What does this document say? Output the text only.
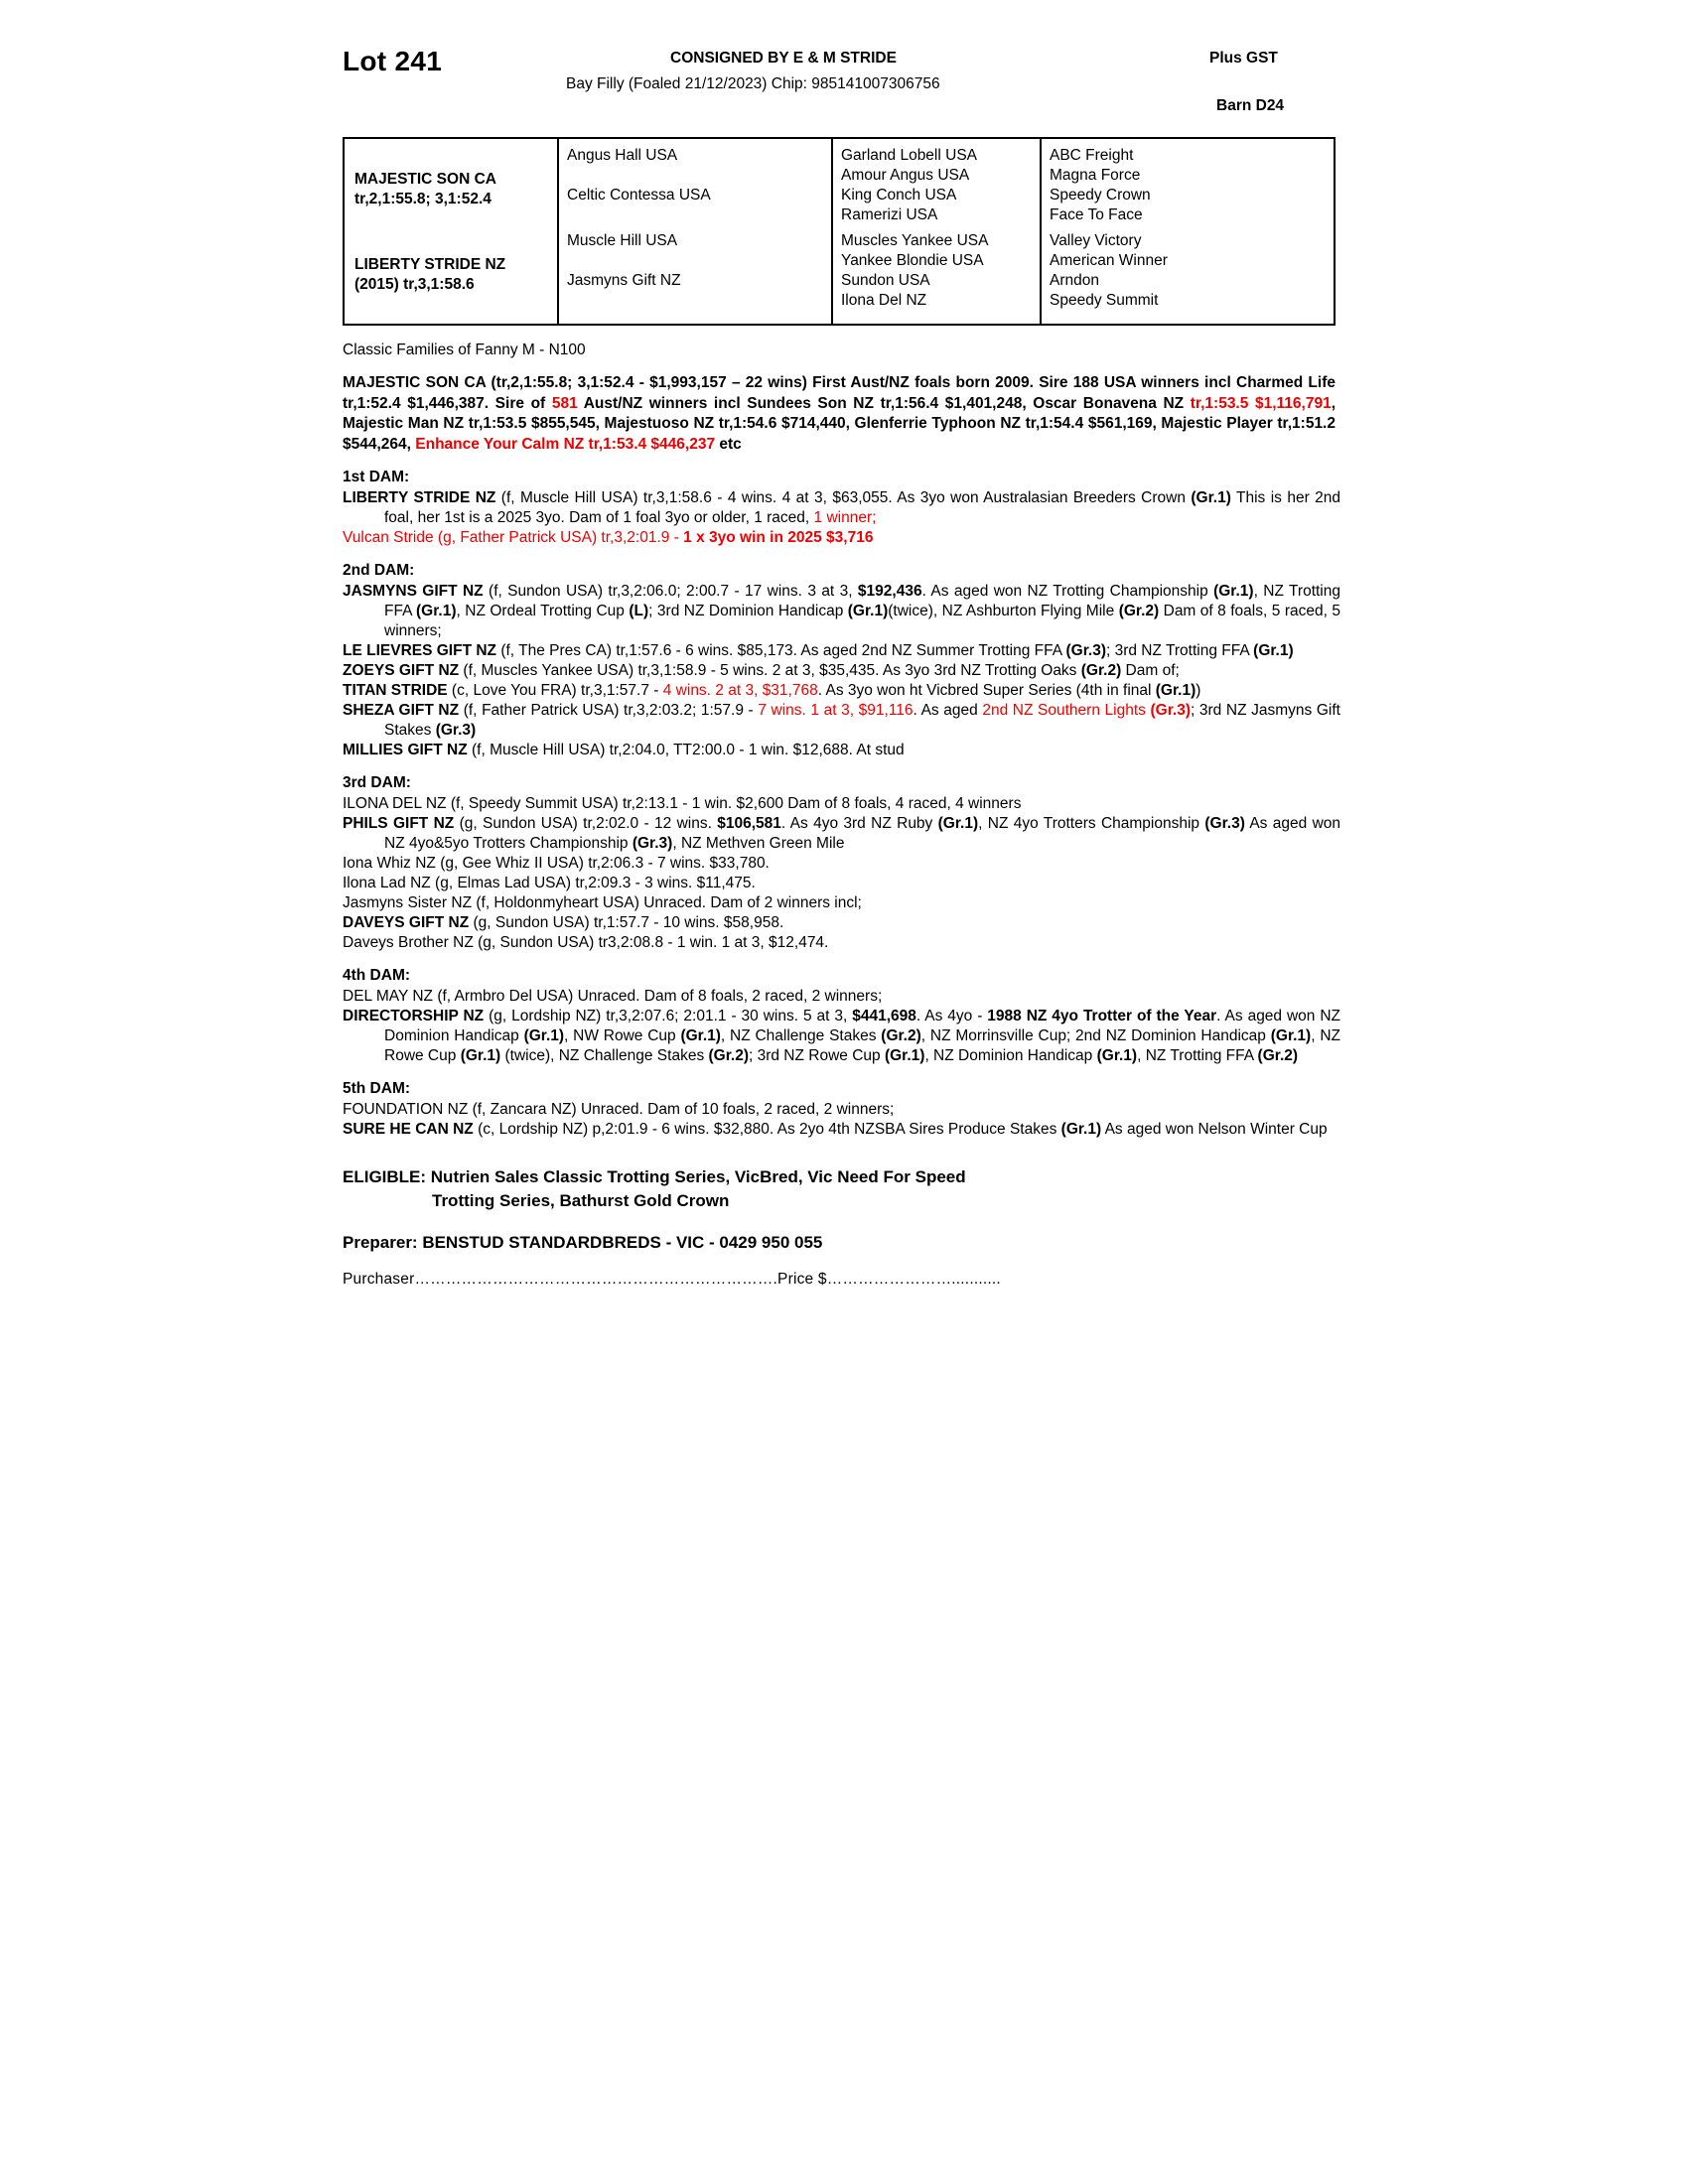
Lot 241	CONSIGNED BY E & M STRIDE
Bay Filly (Foaled 21/12/2023) Chip: 985141007306756
Plus GST
Barn D24
MAJESTIC SON CA
tr,2,1:55.8; 3,1:52.4
Angus Hall USA
Celtic Contessa USA
Garland Lobell USA
Amour Angus USA
King Conch USA
Ramerizi USA
ABC Freight
Magna Force
Speedy Crown
Face To Face
LIBERTY STRIDE NZ
(2015) tr,3,1:58.6
Muscle Hill USA
Jasmyns Gift NZ
Muscles Yankee USA
Yankee Blondie USA
Sundon USA
Ilona Del NZ
Valley Victory
American Winner
Arndon
Speedy Summit
Classic Families of Fanny M - N100
MAJESTIC SON CA (tr,2,1:55.8; 3,1:52.4 - $1,993,157 – 22 wins) First Aust/NZ foals born 2009. Sire 188 USA winners incl Charmed Life tr,1:52.4 $1,446,387. Sire of 581 Aust/NZ winners incl Sundees Son NZ tr,1:56.4 $1,401,248, Oscar Bonavena NZ tr,1:53.5 $1,116,791, Majestic Man NZ tr,1:53.5 $855,545, Majestuoso NZ tr,1:54.6 $714,440, Glenferrie Typhoon NZ tr,1:54.4 $561,169, Majestic Player tr,1:51.2 $544,264, Enhance Your Calm NZ tr,1:53.4 $446,237 etc
1st DAM:

LIBERTY STRIDE NZ (f, Muscle Hill USA) tr,3,1:58.6 - 4 wins. 4 at 3, $63,055. As 3yo won Australasian Breeders Crown (Gr.1) This is her 2nd foal, her 1st is a 2025 3yo. Dam of 1 foal 3yo or older, 1 raced, 1 winner;

Vulcan Stride (g, Father Patrick USA) tr,3,2:01.9 - 1 x 3yo win in 2025 $3,716

2nd DAM:

JASMYNS GIFT NZ (f, Sundon USA) tr,3,2:06.0; 2:00.7 - 17 wins. 3 at 3, $192,436. As aged won NZ Trotting Championship (Gr.1), NZ Trotting FFA (Gr.1), NZ Ordeal Trotting Cup (L); 3rd NZ Dominion Handicap (Gr.1)(twice), NZ Ashburton Flying Mile (Gr.2) Dam of 8 foals, 5 raced, 5 winners;

LE LIEVRES GIFT NZ (f, The Pres CA) tr,1:57.6 - 6 wins. $85,173. As aged 2nd NZ Summer Trotting FFA (Gr.3); 3rd NZ Trotting FFA (Gr.1)

ZOEYS GIFT NZ (f, Muscles Yankee USA) tr,3,1:58.9 - 5 wins. 2 at 3, $35,435. As 3yo 3rd NZ Trotting Oaks (Gr.2) Dam of;

TITAN STRIDE (c, Love You FRA) tr,3,1:57.7 - 4 wins. 2 at 3, $31,768. As 3yo won ht Vicbred Super Series (4th in final (Gr.1))

SHEZA GIFT NZ (f, Father Patrick USA) tr,3,2:03.2; 1:57.9 - 7 wins. 1 at 3, $91,116. As aged 2nd NZ Southern Lights (Gr.3); 3rd NZ Jasmyns Gift Stakes (Gr.3)

MILLIES GIFT NZ (f, Muscle Hill USA) tr,2:04.0, TT2:00.0 - 1 win. $12,688. At stud

3rd DAM:

ILONA DEL NZ (f, Speedy Summit USA) tr,2:13.1 - 1 win. $2,600 Dam of 8 foals, 4 raced, 4 winners

PHILS GIFT NZ (g, Sundon USA) tr,2:02.0 - 12 wins. $106,581. As 4yo 3rd NZ Ruby (Gr.1), NZ 4yo Trotters Championship (Gr.3) As aged won NZ 4yo&5yo Trotters Championship (Gr.3), NZ Methven Green Mile

Iona Whiz NZ (g, Gee Whiz II USA) tr,2:06.3 - 7 wins. $33,780.

Ilona Lad NZ (g, Elmas Lad USA) tr,2:09.3 - 3 wins. $11,475.

Jasmyns Sister NZ (f, Holdonmyheart USA) Unraced. Dam of 2 winners incl;

DAVEYS GIFT NZ (g, Sundon USA) tr,1:57.7 - 10 wins. $58,958.

Daveys Brother NZ (g, Sundon USA) tr3,2:08.8 - 1 win. 1 at 3, $12,474.

4th DAM:

DEL MAY NZ (f, Armbro Del USA) Unraced. Dam of 8 foals, 2 raced, 2 winners;

DIRECTORSHIP NZ (g, Lordship NZ) tr,3,2:07.6; 2:01.1 - 30 wins. 5 at 3, $441,698. As 4yo - 1988 NZ 4yo Trotter of the Year. As aged won NZ Dominion Handicap (Gr.1), NW Rowe Cup (Gr.1), NZ Challenge Stakes (Gr.2), NZ Morrinsville Cup; 2nd NZ Dominion Handicap (Gr.1), NZ Rowe Cup (Gr.1) (twice), NZ Challenge Stakes (Gr.2); 3rd NZ Rowe Cup (Gr.1), NZ Dominion Handicap (Gr.1), NZ Trotting FFA (Gr.2)

5th DAM:

FOUNDATION NZ (f, Zancara NZ) Unraced. Dam of 10 foals, 2 raced, 2 winners;

SURE HE CAN NZ (c, Lordship NZ) p,2:01.9 - 6 wins. $32,880. As 2yo 4th NZSBA Sires Produce Stakes (Gr.1) As aged won Nelson Winter Cup

ELIGIBLE: Nutrien Sales Classic Trotting Series, VicBred, Vic Need For Speed
Trotting Series, Bathurst Gold Crown
Preparer: BENSTUD STANDARDBREDS - VIC - 0429 950 055
Purchaser…………………………………………………………….Price $……………………...........
